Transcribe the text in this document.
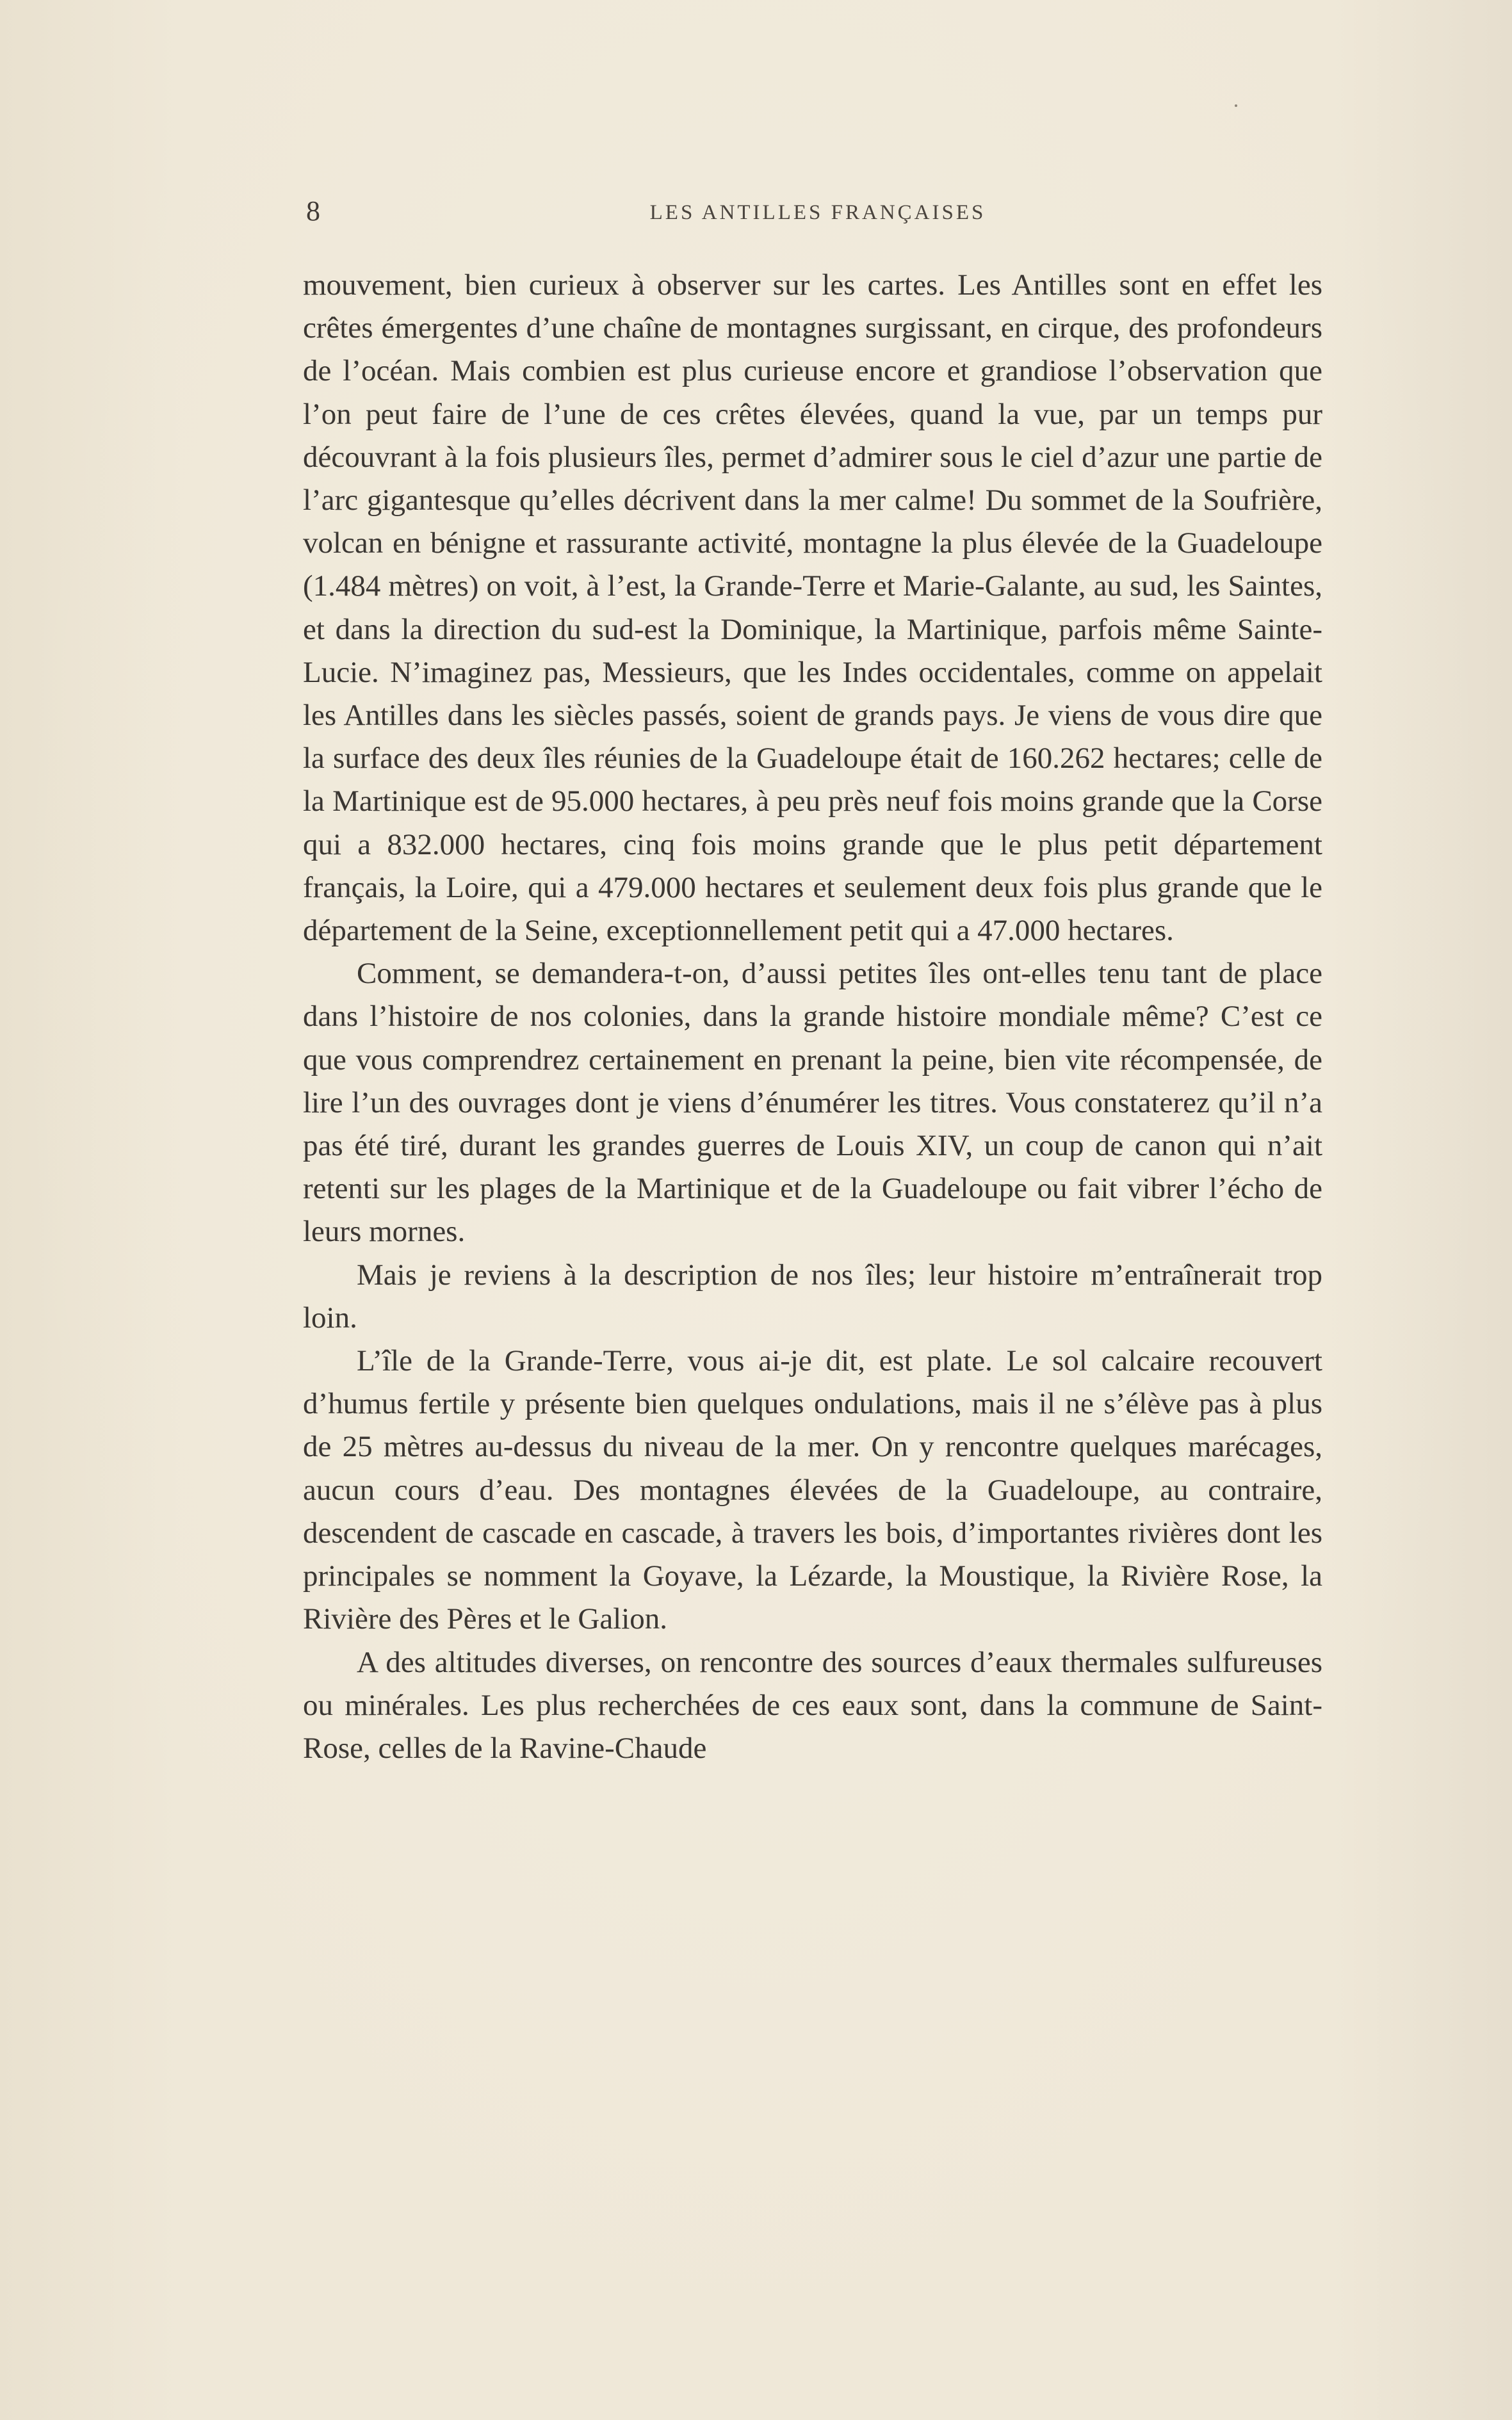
8	LES ANTILLES FRANÇAISES

mouvement, bien curieux à observer sur les cartes. Les Antilles sont en effet les crêtes émergentes d’une chaîne de montagnes surgissant, en cirque, des profondeurs de l’océan. Mais combien est plus curieuse encore et grandiose l’observation que l’on peut faire de l’une de ces crêtes élevées, quand la vue, par un temps pur découvrant à la fois plusieurs îles, permet d’admirer sous le ciel d’azur une partie de l’arc gigantesque qu’elles décrivent dans la mer calme! Du sommet de la Soufrière, volcan en bénigne et rassurante activité, montagne la plus élevée de la Guadeloupe (1.484 mètres) on voit, à l’est, la Grande-Terre et Marie-Galante, au sud, les Saintes, et dans la direction du sud-est la Dominique, la Martinique, parfois même Sainte-Lucie. N’imaginez pas, Messieurs, que les Indes occidentales, comme on appelait les Antilles dans les siècles passés, soient de grands pays. Je viens de vous dire que la surface des deux îles réunies de la Guadeloupe était de 160.262 hectares; celle de la Martinique est de 95.000 hectares, à peu près neuf fois moins grande que la Corse qui a 832.000 hectares, cinq fois moins grande que le plus petit département français, la Loire, qui a 479.000 hectares et seulement deux fois plus grande que le département de la Seine, exceptionnellement petit qui a 47.000 hectares.

Comment, se demandera-t-on, d’aussi petites îles ont-elles tenu tant de place dans l’histoire de nos colonies, dans la grande histoire mondiale même? C’est ce que vous comprendrez certainement en prenant la peine, bien vite récompensée, de lire l’un des ouvrages dont je viens d’énumérer les titres. Vous constaterez qu’il n’a pas été tiré, durant les grandes guerres de Louis XIV, un coup de canon qui n’ait retenti sur les plages de la Martinique et de la Guadeloupe ou fait vibrer l’écho de leurs mornes.

Mais je reviens à la description de nos îles; leur histoire m’entraînerait trop loin.

L’île de la Grande-Terre, vous ai-je dit, est plate. Le sol calcaire recouvert d’humus fertile y présente bien quelques ondulations, mais il ne s’élève pas à plus de 25 mètres au-dessus du niveau de la mer. On y rencontre quelques marécages, aucun cours d’eau. Des montagnes élevées de la Guadeloupe, au contraire, descendent de cascade en cascade, à travers les bois, d’importantes rivières dont les principales se nomment la Goyave, la Lézarde, la Moustique, la Rivière Rose, la Rivière des Pères et le Galion.

A des altitudes diverses, on rencontre des sources d’eaux thermales sulfureuses ou minérales. Les plus recherchées de ces eaux sont, dans la commune de Saint-Rose, celles de la Ravine-Chaude
